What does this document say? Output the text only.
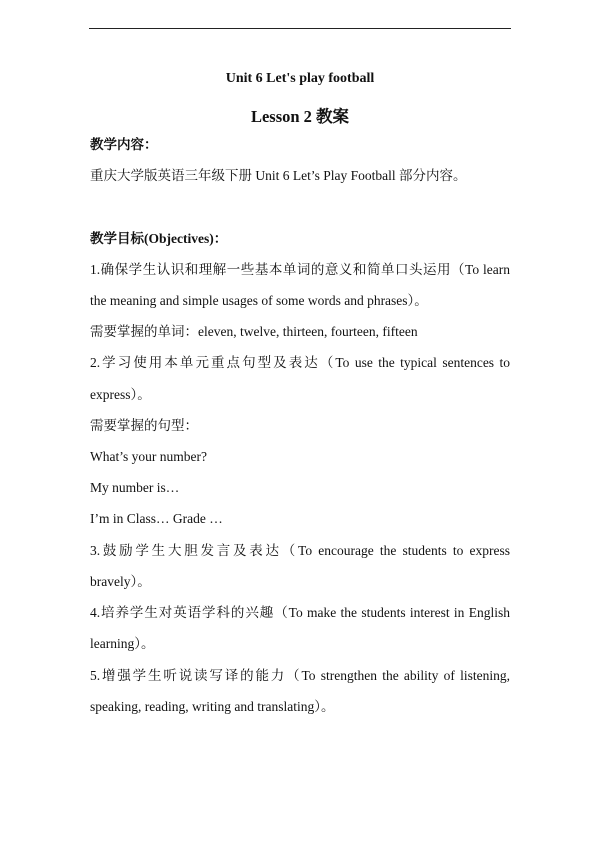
Unit 6 Let's play football
Lesson 2 教案
教学内容：
重庆大学版英语三年级下册 Unit 6 Let’s Play Football 部分内容。
教学目标(Objectives)：
1.确保学生认识和理解一些基本单词的意义和简单口头运用（To learn
the meaning and simple usages of some words and phrases）。
需要掌握的单词：eleven, twelve, thirteen, fourteen, fifteen
2.学习使用本单元重点句型及表达（To use the typical sentences to
express）。
需要掌握的句型：
What’s your number?
My number is…
I’m in Class… Grade …
3.鼓励学生大胆发言及表达（To encourage the students to express
bravely）。
4.培养学生对英语学科的兴趣（To make the students interest in English
learning）。
5.增强学生听说读写译的能力（To strengthen the ability of listening,
speaking, reading, writing and translating）。
